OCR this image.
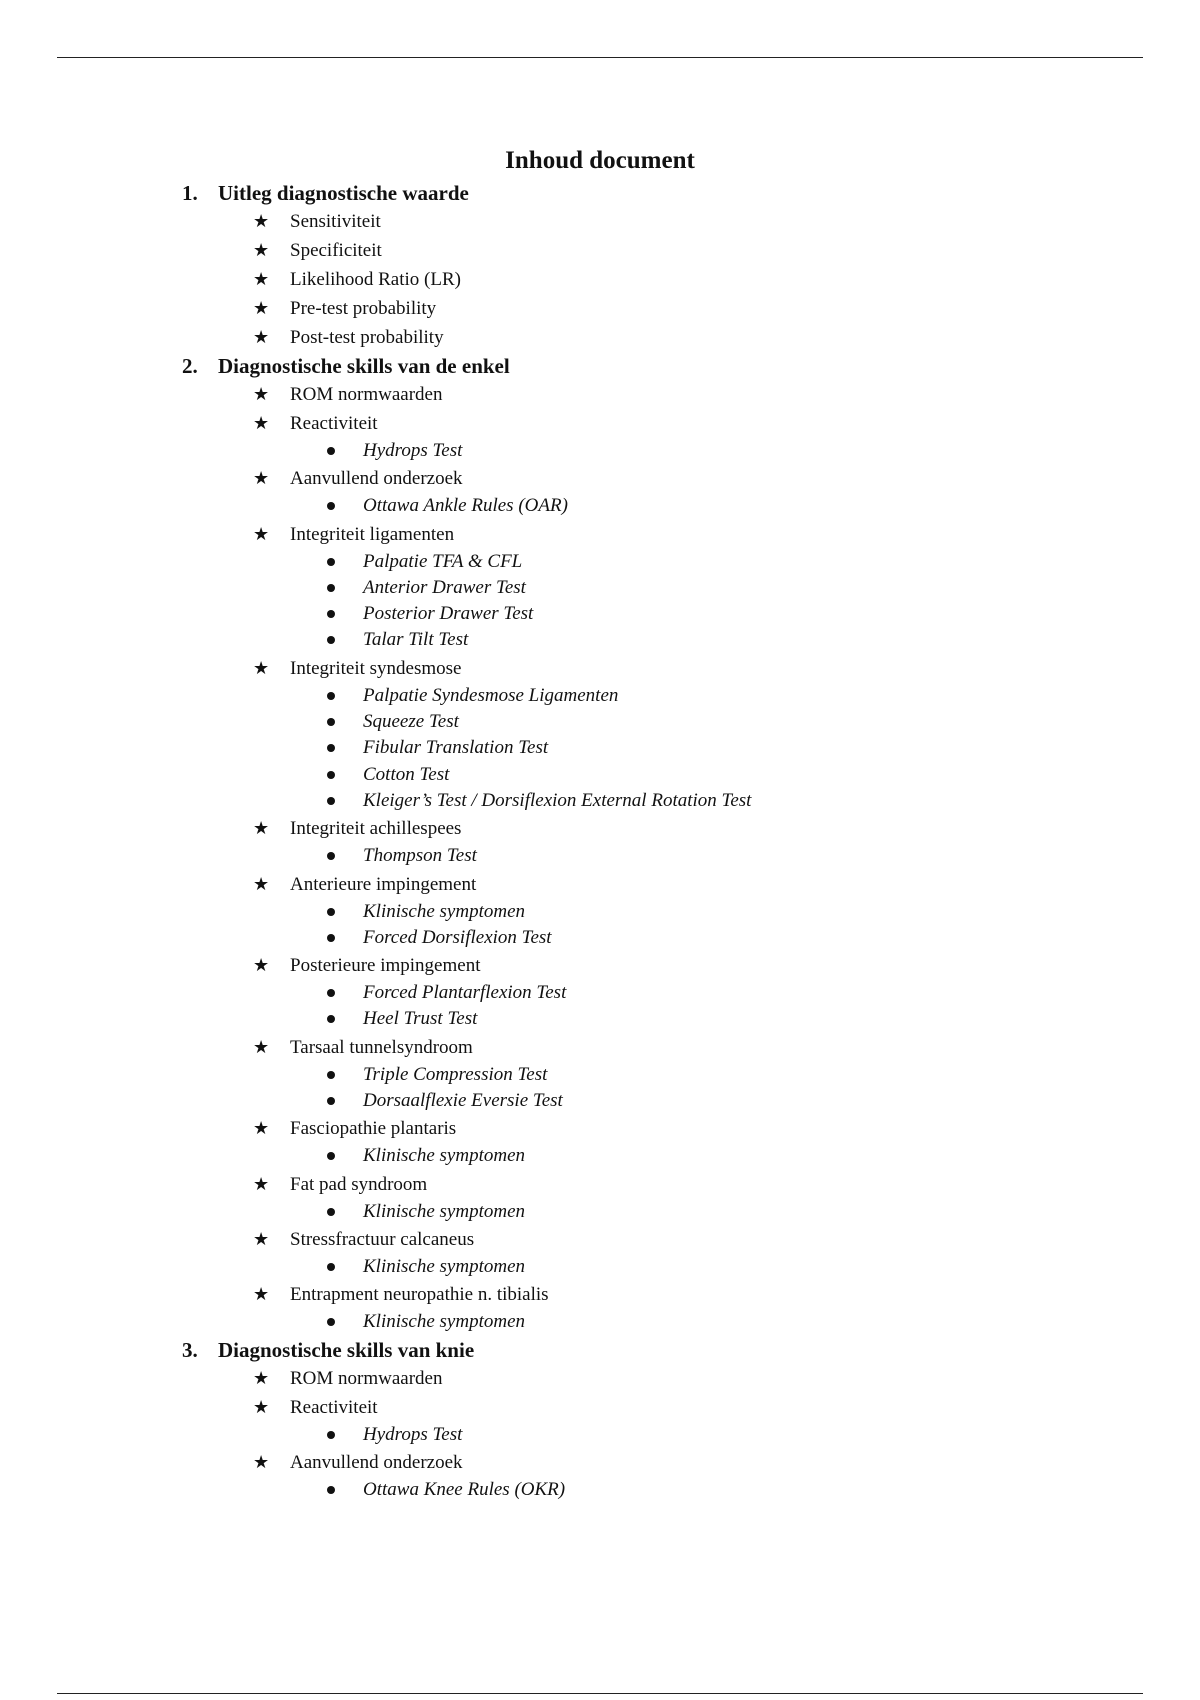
Inhoud document
1. Uitleg diagnostische waarde
★ Sensitiviteit
★ Specificiteit
★ Likelihood Ratio (LR)
★ Pre-test probability
★ Post-test probability
2. Diagnostische skills van de enkel
★ ROM normwaarden
★ Reactiviteit
Hydrops Test
★ Aanvullend onderzoek
Ottawa Ankle Rules (OAR)
★ Integriteit ligamenten
Palpatie TFA & CFL
Anterior Drawer Test
Posterior Drawer Test
Talar Tilt Test
★ Integriteit syndesmose
Palpatie Syndesmose Ligamenten
Squeeze Test
Fibular Translation Test
Cotton Test
Kleiger’s Test / Dorsiflexion External Rotation Test
★ Integriteit achillespees
Thompson Test
★ Anterieure impingement
Klinische symptomen
Forced Dorsiflexion Test
★ Posterieure impingement
Forced Plantarflexion Test
Heel Trust Test
★ Tarsaal tunnelsyndroom
Triple Compression Test
Dorsaalflexie Eversie Test
★ Fasciopathie plantaris
Klinische symptomen
★ Fat pad syndroom
Klinische symptomen
★ Stressfractuur calcaneus
Klinische symptomen
★ Entrapment neuropathie n. tibialis
Klinische symptomen
3. Diagnostische skills van knie
★ ROM normwaarden
★ Reactiviteit
Hydrops Test
★ Aanvullend onderzoek
Ottawa Knee Rules (OKR)
